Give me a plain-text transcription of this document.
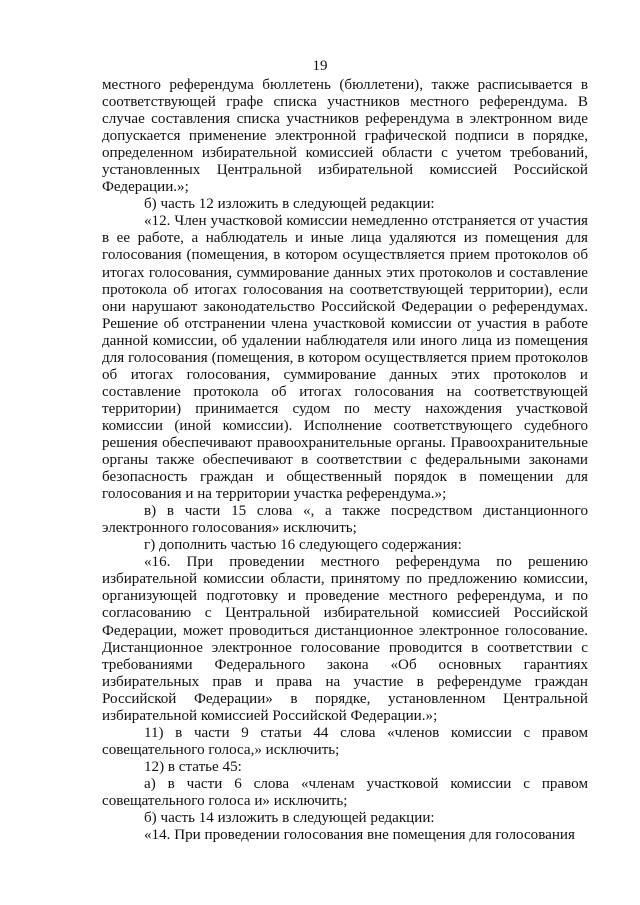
19

местного референдума бюллетень (бюллетени), также расписывается в соответствующей графе списка участников местного референдума. В случае составления списка участников референдума в электронном виде допускается применение электронной графической подписи в порядке, определенном избирательной комиссией области с учетом требований, установленных Центральной избирательной комиссией Российской Федерации.»;

б) часть 12 изложить в следующей редакции:

«12. Член участковой комиссии немедленно отстраняется от участия в ее работе, а наблюдатель и иные лица удаляются из помещения для голосования (помещения, в котором осуществляется прием протоколов об итогах голосования, суммирование данных этих протоколов и составление протокола об итогах голосования на соответствующей территории), если они нарушают законодательство Российской Федерации о референдумах. Решение об отстранении члена участковой комиссии от участия в работе данной комиссии, об удалении наблюдателя или иного лица из помещения для голосования (помещения, в котором осуществляется прием протоколов об итогах голосования, суммирование данных этих протоколов и составление протокола об итогах голосования на соответствующей территории) принимается судом по месту нахождения участковой комиссии (иной комиссии). Исполнение соответствующего судебного решения обеспечивают правоохранительные органы. Правоохранительные органы также обеспечивают в соответствии с федеральными законами безопасность граждан и общественный порядок в помещении для голосования и на территории участка референдума.»;

в) в части 15 слова «, а также посредством дистанционного электронного голосования» исключить;

г) дополнить частью 16 следующего содержания:

«16. При проведении местного референдума по решению избирательной комиссии области, принятому по предложению комиссии, организующей подготовку и проведение местного референдума, и по согласованию с Центральной избирательной комиссией Российской Федерации, может проводиться дистанционное электронное голосование. Дистанционное электронное голосование проводится в соответствии с требованиями Федерального закона «Об основных гарантиях избирательных прав и права на участие в референдуме граждан Российской Федерации» в порядке, установленном Центральной избирательной комиссией Российской Федерации.»;

11) в части 9 статьи 44 слова «членов комиссии с правом совещательного голоса,» исключить;

12) в статье 45:

а) в части 6 слова «членам участковой комиссии с правом совещательного голоса и» исключить;

б) часть 14 изложить в следующей редакции:

«14. При проведении голосования вне помещения для голосования
